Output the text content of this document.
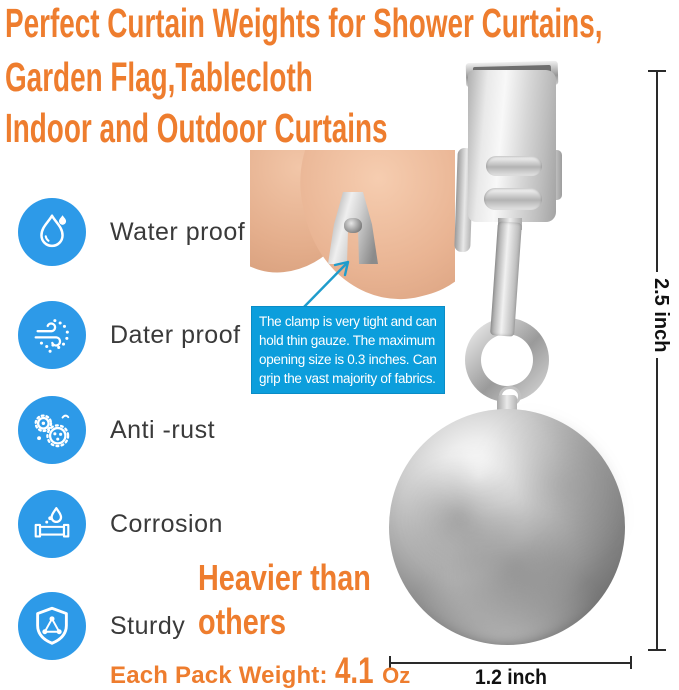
Perfect Curtain Weights for Shower Curtains,
Garden Flag,Tablecloth
Indoor and Outdoor Curtains
Water proof
Dater proof
Anti -rust
Corrosion
Sturdy
The clamp is very tight and can
hold thin gauze. The maximum
opening size is 0.3 inches. Can
grip the vast majority of fabrics.
2.5 inch
1.2 inch
Heavier than
others
Each Pack Weight: 4.1 Oz
